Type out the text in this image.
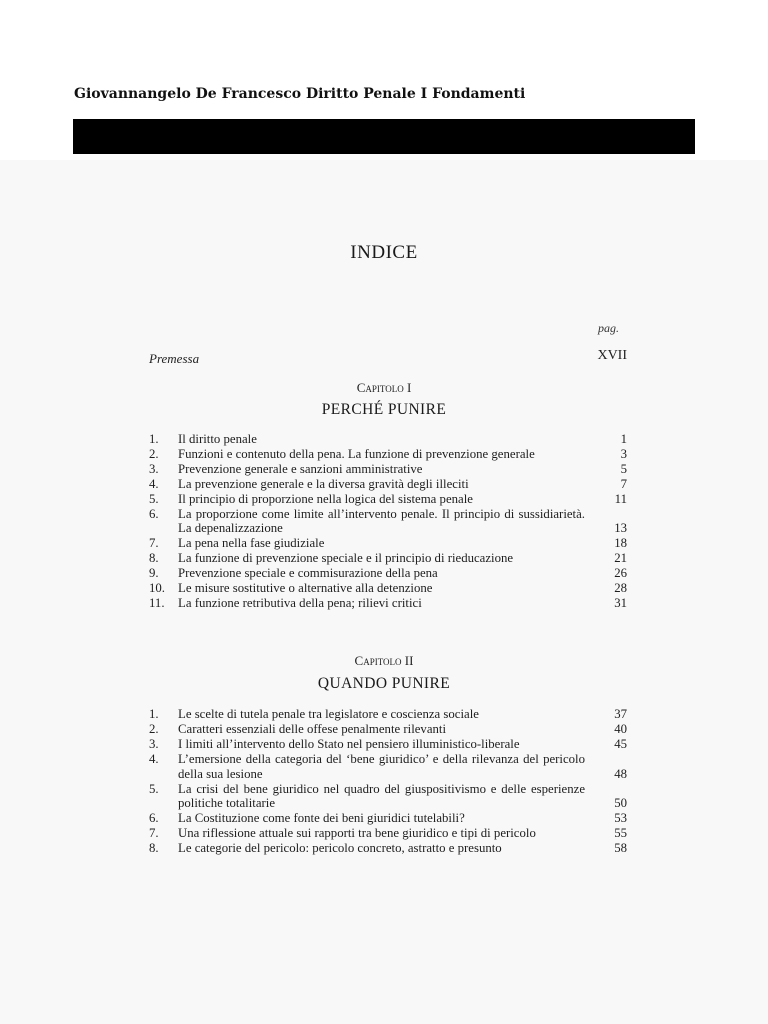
Giovannangelo De Francesco Diritto Penale I Fondamenti
INDICE
pag.
Premessa	XVII
Capitolo I
PERCHÉ PUNIRE
1. Il diritto penale	1
2. Funzioni e contenuto della pena. La funzione di prevenzione generale	3
3. Prevenzione generale e sanzioni amministrative	5
4. La prevenzione generale e la diversa gravità degli illeciti	7
5. Il principio di proporzione nella logica del sistema penale	11
6. La proporzione come limite all’intervento penale. Il principio di sussidiarietà. La depenalizzazione	13
7. La pena nella fase giudiziale	18
8. La funzione di prevenzione speciale e il principio di rieducazione	21
9. Prevenzione speciale e commisurazione della pena	26
10. Le misure sostitutive o alternative alla detenzione	28
11. La funzione retributiva della pena; rilievi critici	31
Capitolo II
QUANDO PUNIRE
1. Le scelte di tutela penale tra legislatore e coscienza sociale	37
2. Caratteri essenziali delle offese penalmente rilevanti	40
3. I limiti all’intervento dello Stato nel pensiero illuministico-liberale	45
4. L’emersione della categoria del ‘bene giuridico’ e della rilevanza del pericolo della sua lesione	48
5. La crisi del bene giuridico nel quadro del giuspositivismo e delle esperienze politiche totalitarie	50
6. La Costituzione come fonte dei beni giuridici tutelabili?	53
7. Una riflessione attuale sui rapporti tra bene giuridico e tipi di pericolo	55
8. Le categorie del pericolo: pericolo concreto, astratto e presunto	58
